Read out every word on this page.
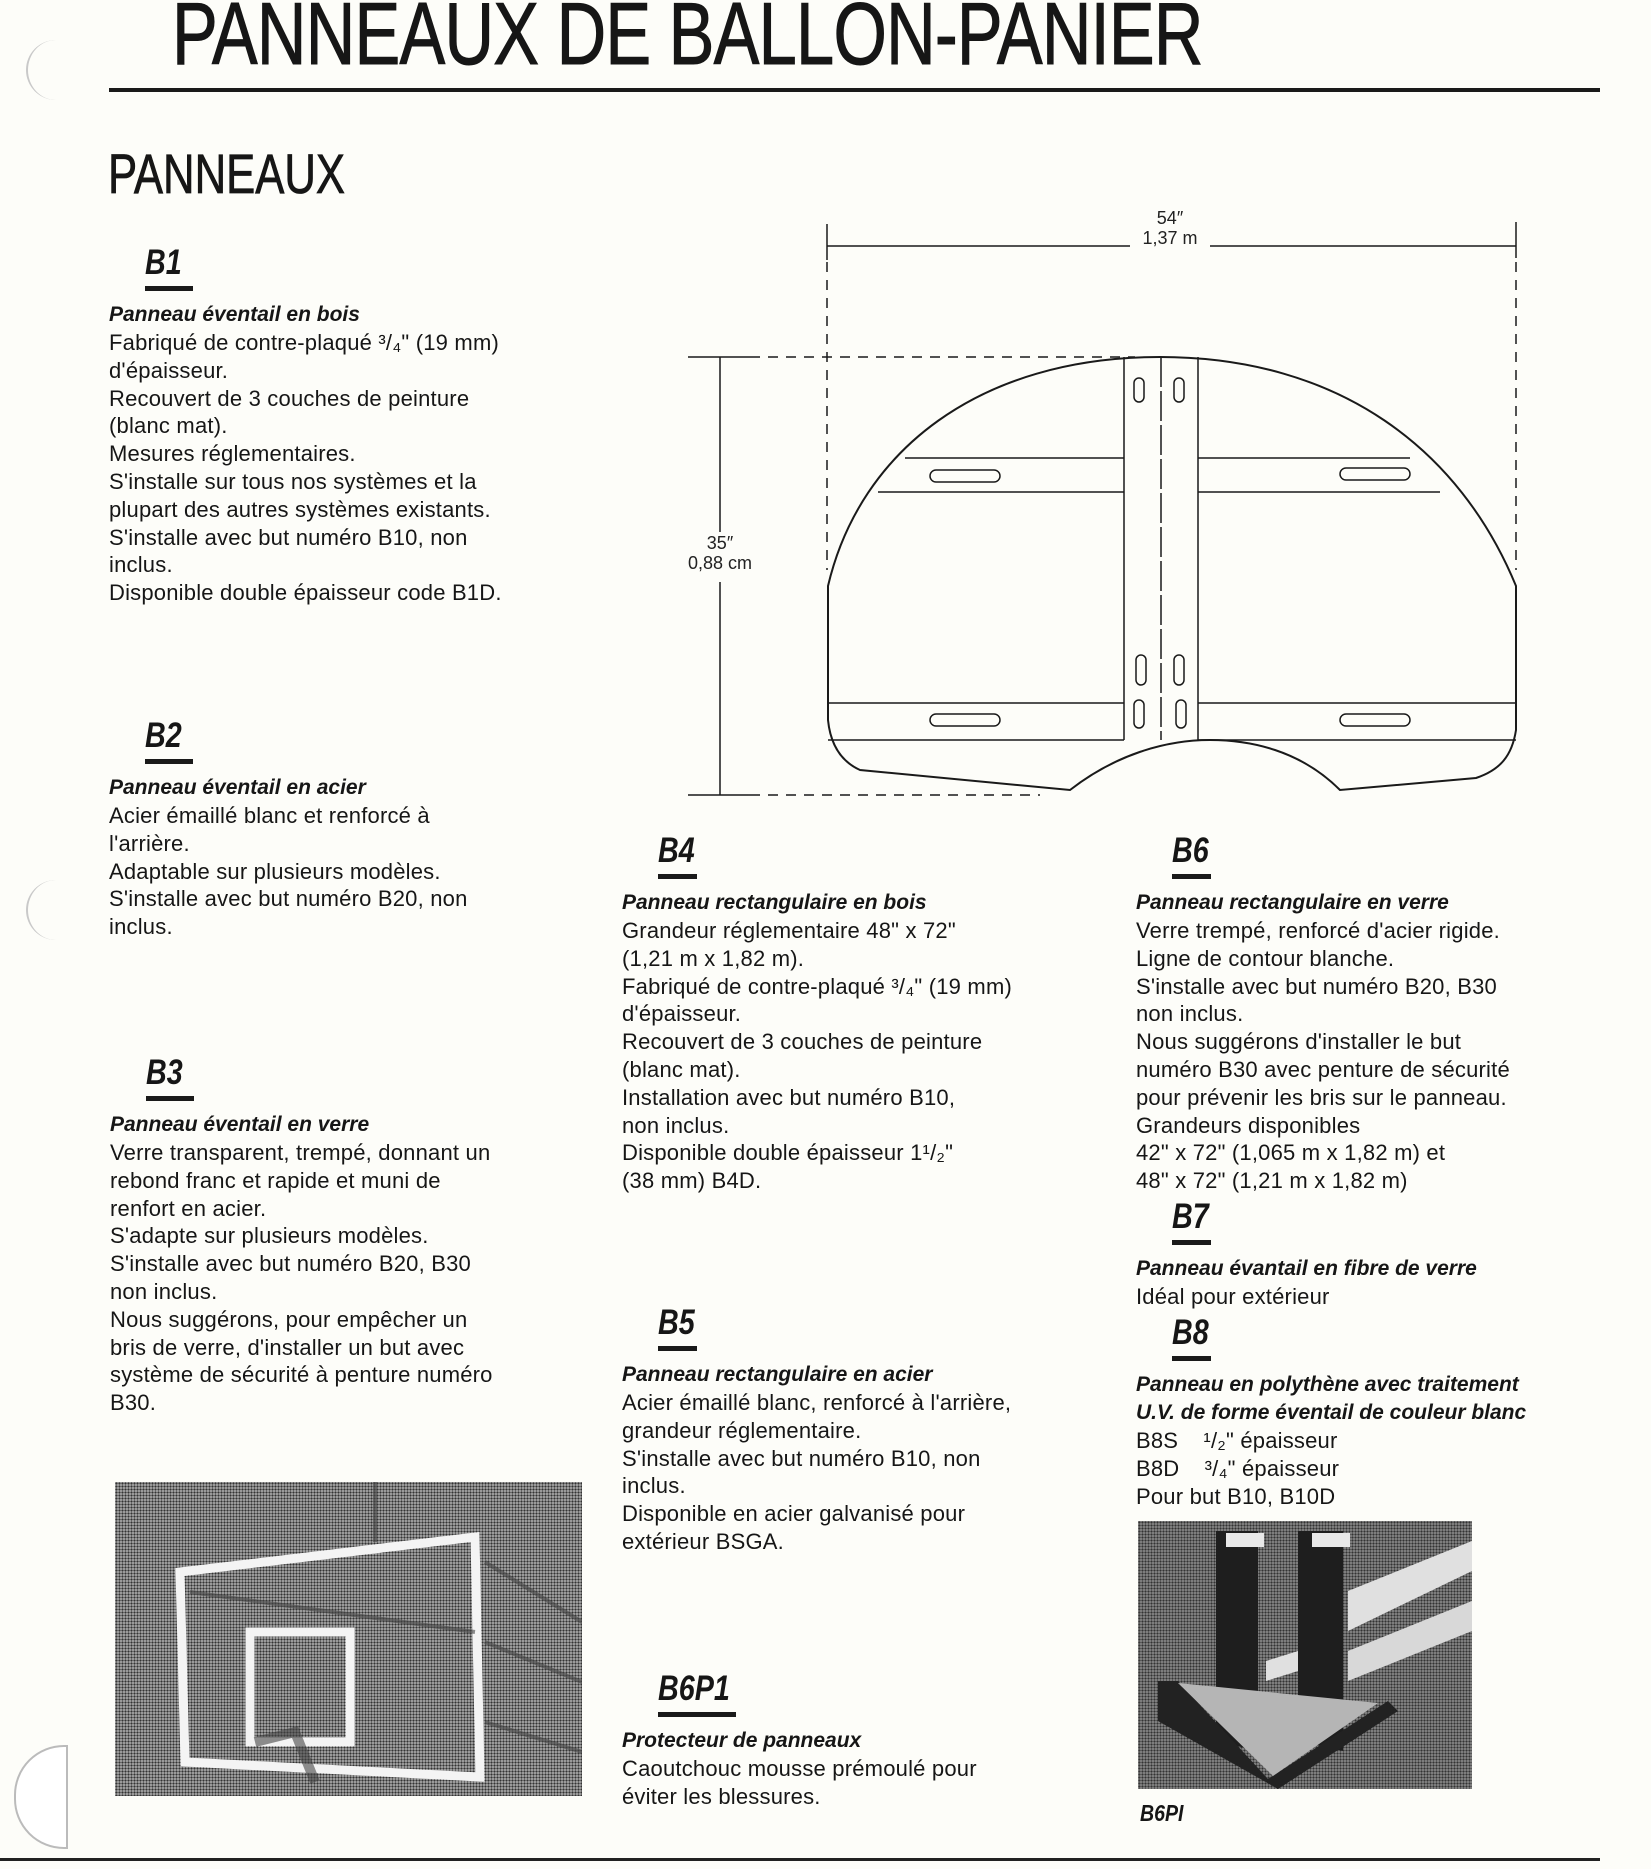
PANNEAUX DE BALLON-PANIER
PANNEAUX
54″
1,37 m
35″
0,88 cm
B1
Panneau éventail en bois
Fabriqué de contre-plaqué ³/₄" (19 mm)
d'épaisseur.
Recouvert de 3 couches de peinture
(blanc mat).
Mesures réglementaires.
S'installe sur tous nos systèmes et la
plupart des autres systèmes existants.
S'installe avec but numéro B10, non
inclus.
Disponible double épaisseur code B1D.
B2
Panneau éventail en acier
Acier émaillé blanc et renforcé à
l'arrière.
Adaptable sur plusieurs modèles.
S'installe avec but numéro B20, non
inclus.
B3
Panneau éventail en verre
Verre transparent, trempé, donnant un
rebond franc et rapide et muni de
renfort en acier.
S'adapte sur plusieurs modèles.
S'installe avec but numéro B20, B30
non inclus.
Nous suggérons, pour empêcher un
bris de verre, d'installer un but avec
système de sécurité à penture numéro
B30.
B4
Panneau rectangulaire en bois
Grandeur réglementaire 48" x 72"
(1,21 m x 1,82 m).
Fabriqué de contre-plaqué ³/₄" (19 mm)
d'épaisseur.
Recouvert de 3 couches de peinture
(blanc mat).
Installation avec but numéro B10,
non inclus.
Disponible double épaisseur 1¹/₂"
(38 mm) B4D.
B5
Panneau rectangulaire en acier
Acier émaillé blanc, renforcé à l'arrière,
grandeur réglementaire.
S'installe avec but numéro B10, non
inclus.
Disponible en acier galvanisé pour
extérieur BSGA.
B6P1
Protecteur de panneaux
Caoutchouc mousse prémoulé pour
éviter les blessures.
B6
Panneau rectangulaire en verre
Verre trempé, renforcé d'acier rigide.
Ligne de contour blanche.
S'installe avec but numéro B20, B30
non inclus.
Nous suggérons d'installer le but
numéro B30 avec penture de sécurité
pour prévenir les bris sur le panneau.
Grandeurs disponibles
42" x 72" (1,065 m x 1,82 m) et
48" x 72" (1,21 m x 1,82 m)
B7
Panneau évantail en fibre de verre
Idéal pour extérieur
B8
Panneau en polythène avec traitement
U.V. de forme éventail de couleur blanc
B8S    ¹/₂" épaisseur
B8D    ³/₄" épaisseur
Pour but B10, B10D
B6PI
